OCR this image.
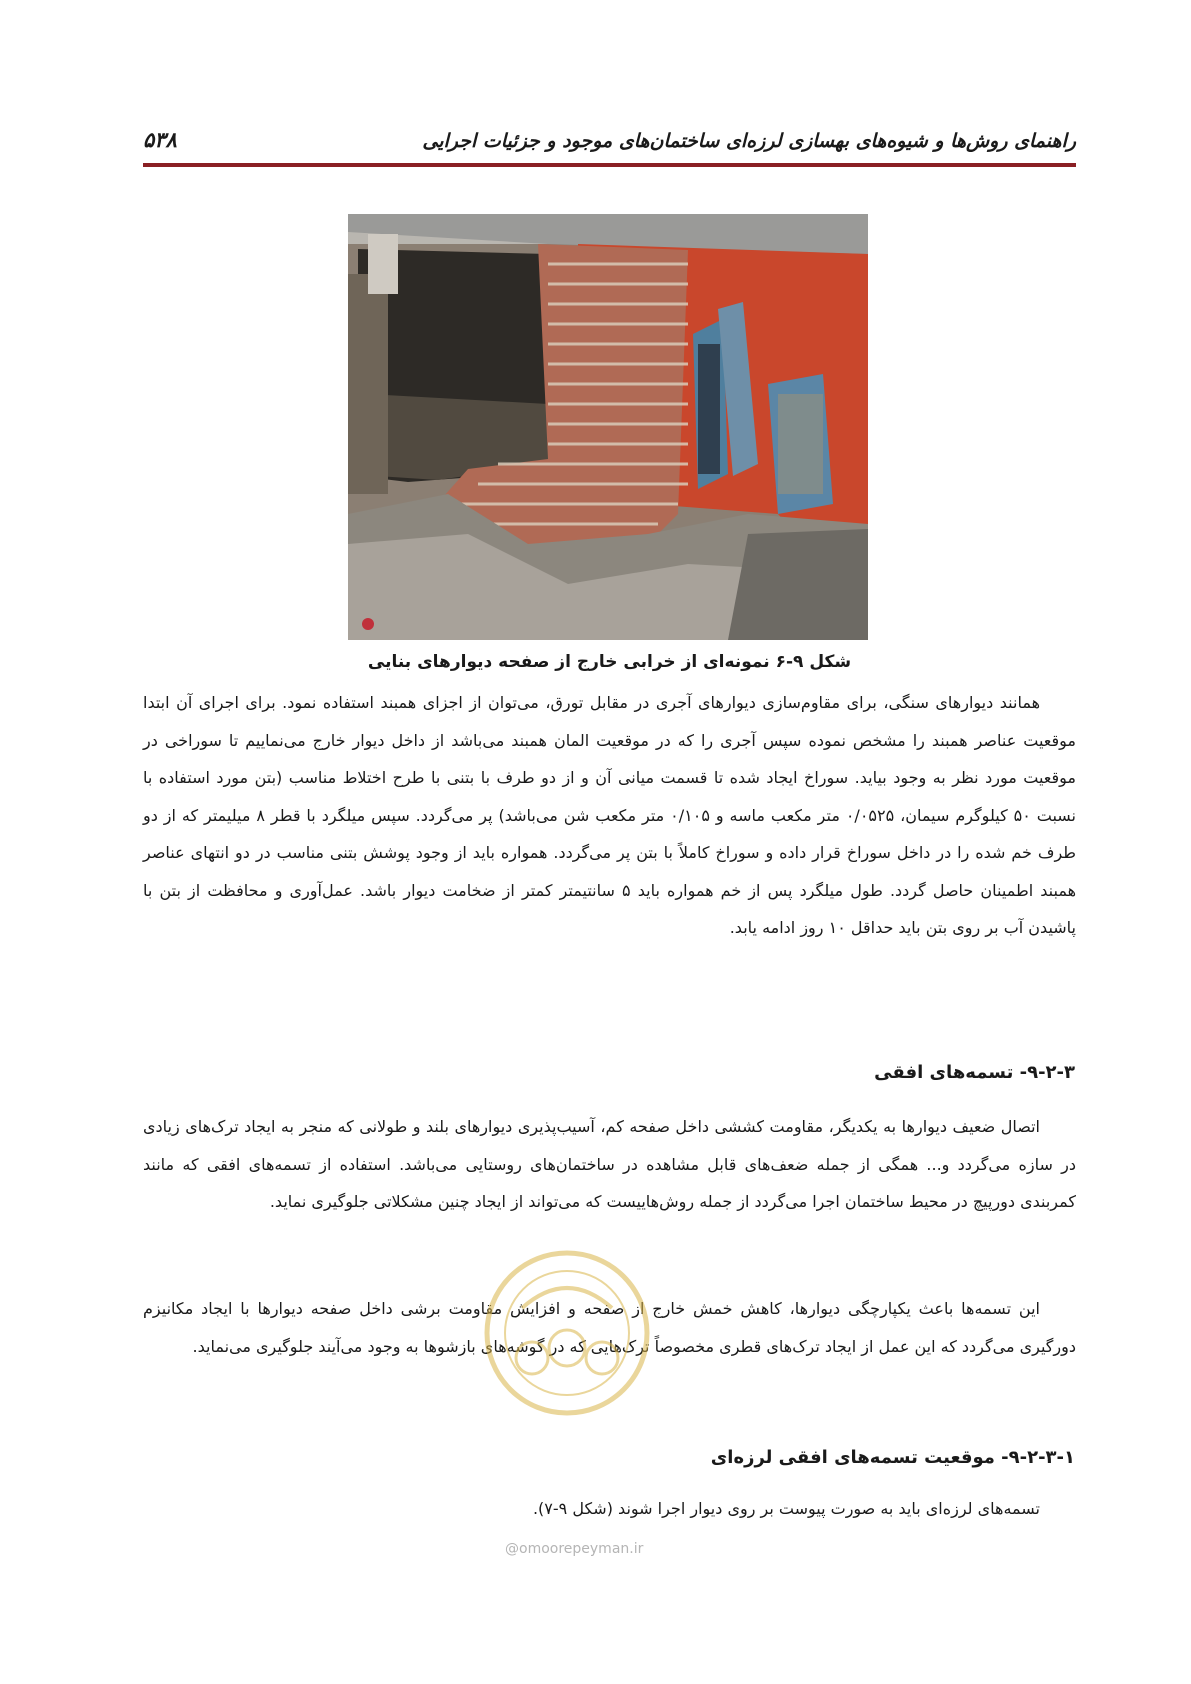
راهنمای روش‌ها و شیوه‌های بهسازی لرزه‌ای ساختمان‌های موجود و جزئیات اجرایی
۵۳۸
شکل ۹-۶ نمونه‌ای از خرابی خارج از صفحه دیوارهای بنایی

همانند دیوارهای سنگی، برای مقاوم‌سازی دیوارهای آجری در مقابل تورق، می‌توان از اجزای همبند استفاده نمود. برای اجرای آن ابتدا موقعیت عناصر همبند را مشخص نموده سپس آجری را که در موقعیت المان همبند می‌باشد از داخل دیوار خارج می‌نماییم تا سوراخی در موقعیت مورد نظر به وجود بیاید. سوراخ ایجاد شده تا قسمت میانی آن و از دو طرف با بتنی با طرح اختلاط مناسب (بتن مورد استفاده با نسبت ۵۰ کیلوگرم سیمان، ۰/۰۵۲۵ متر مکعب ماسه و ۰/۱۰۵ متر مکعب شن می‌باشد) پر می‌گردد. سپس میلگرد با قطر ۸ میلیمتر که از دو طرف خم شده را در داخل سوراخ قرار داده و سوراخ کاملاً با بتن پر می‌گردد. همواره باید از وجود پوشش بتنی مناسب در دو انتهای عناصر همبند اطمینان حاصل گردد. طول میلگرد پس از خم همواره باید ۵ سانتیمتر کمتر از ضخامت دیوار باشد. عمل‌آوری و محافظت از بتن با پاشیدن آب بر روی بتن باید حداقل ۱۰ روز ادامه یابد.

۹-۲-۳- تسمه‌های افقی

اتصال ضعیف دیوارها به یکدیگر، مقاومت کششی داخل صفحه کم، آسیب‌پذیری دیوارهای بلند و طولانی که منجر به ایجاد ترک‌های زیادی در سازه می‌گردد و... همگی از جمله ضعف‌های قابل مشاهده در ساختمان‌های روستایی می‌باشد. استفاده از تسمه‌های افقی که مانند کمربندی دورپیچ در محیط ساختمان اجرا می‌گردد از جمله روش‌هاییست که می‌تواند از ایجاد چنین مشکلاتی جلوگیری نماید.

این تسمه‌ها باعث یکپارچگی دیوارها، کاهش خمش خارج از صفحه و افزایش مقاومت برشی داخل صفحه دیوارها با ایجاد مکانیزم دورگیری می‌گردد که این عمل از ایجاد ترک‌های قطری مخصوصاً ترک‌هایی که در گوشه‌های بازشوها به وجود می‌آیند جلوگیری می‌نماید.

۹-۲-۳-۱- موقعیت تسمه‌های افقی لرزه‌ای

تسمه‌های لرزه‌ای باید به صورت پیوست بر روی دیوار اجرا شوند (شکل ۹-۷).

@omoorepeyman.ir
